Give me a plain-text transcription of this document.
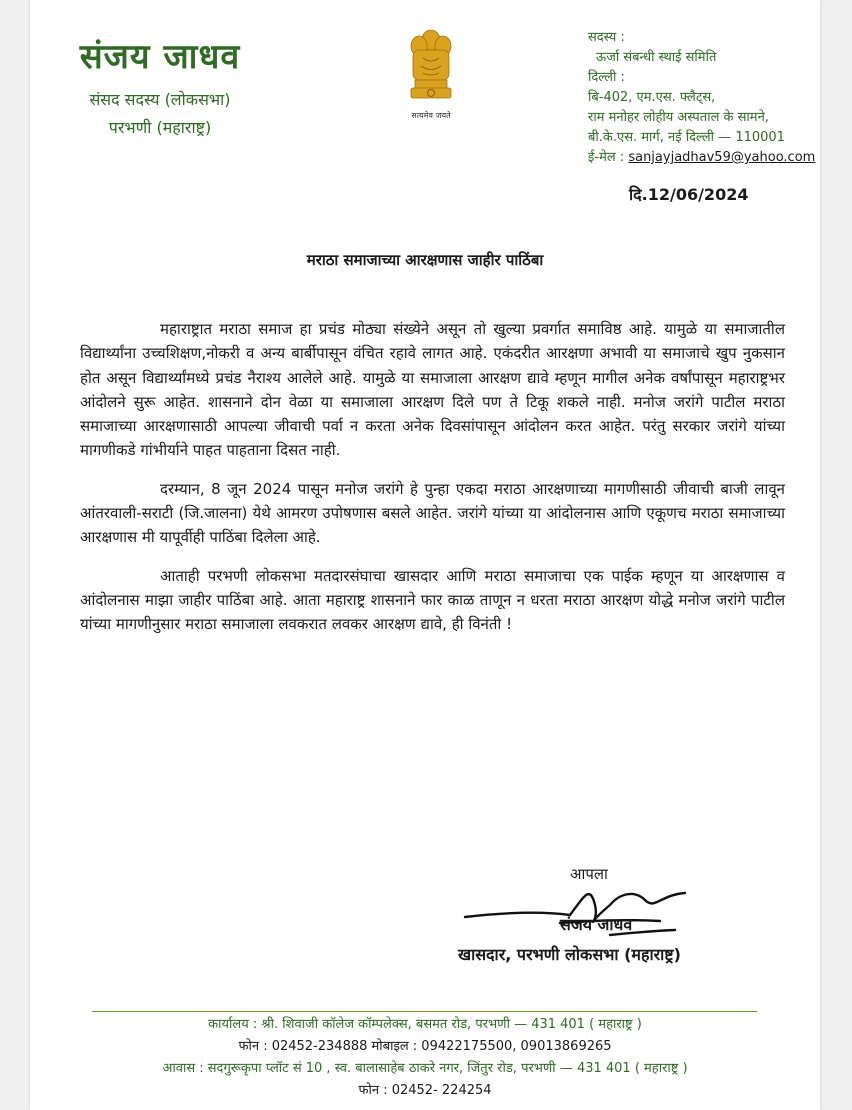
संजय जाधव
संसद सदस्य (लोकसभा)
परभणी (महाराष्ट्र)
सत्यमेव जयते
सदस्य :
ऊर्जा संबन्धी स्थाई समिति
दिल्ली :
बि-402, एम.एस. फ्लैट्स,
राम मनोहर लोहीय अस्पताल के सामने,
बी.के.एस. मार्ग, नई दिल्ली — 110001
ई-मेल : sanjayjadhav59@yahoo.com
दि.12/06/2024
मराठा समाजाच्या आरक्षणास जाहीर पाठिंबा

महाराष्ट्रात मराठा समाज हा प्रचंड मोठ्या संख्येने असून तो खुल्या प्रवर्गात समाविष्ठ आहे. यामुळे या समाजातील विद्यार्थ्यांना उच्चशिक्षण,नोकरी व अन्य बार्बीपासून वंचित रहावे लागत आहे. एकंदरीत आरक्षणा अभावी या समाजाचे खुप नुकसान होत असून विद्यार्थ्यांमध्ये प्रचंड नैराश्य आलेले आहे. यामुळे या समाजाला आरक्षण द्यावे म्हणून मागील अनेक वर्षांपासून महाराष्ट्रभर आंदोलने सुरू आहेत. शासनाने दोन वेळा या समाजाला आरक्षण दिले पण ते टिकू शकले नाही. मनोज जरांगे पाटील मराठा समाजाच्या आरक्षणासाठी आपल्या जीवाची पर्वा न करता अनेक दिवसांपासून आंदोलन करत आहेत. परंतु सरकार जरांगे यांच्या मागणीकडे गांभीर्याने पाहत पाहताना दिसत नाही.

दरम्यान, 8 जून 2024 पासून मनोज जरांगे हे पुन्हा एकदा मराठा आरक्षणाच्या मागणीसाठी जीवाची बाजी लावून आंतरवाली-सराटी (जि.जालना) येथे आमरण उपोषणास बसले आहेत. जरांगे यांच्या या आंदोलनास आणि एकूणच मराठा समाजाच्या आरक्षणास मी यापूर्वीही पाठिंबा दिलेला आहे.

आताही परभणी लोकसभा मतदारसंघाचा खासदार आणि मराठा समाजाचा एक पाईक म्हणून या आरक्षणास व आंदोलनास माझा जाहीर पाठिंबा आहे. आता महाराष्ट्र शासनाने फार काळ ताणून न धरता मराठा आरक्षण योद्धे मनोज जरांगे पाटील यांच्या मागणीनुसार मराठा समाजाला लवकरात लवकर आरक्षण द्यावे, ही विनंती !

आपला
संजय जाधव
खासदार, परभणी लोकसभा (महाराष्ट्र)
कार्यालय : श्री. शिवाजी कॉलेज कॉम्पलेक्स, बसमत रोड, परभणी — 431 401 ( महाराष्ट्र )
फोन : 02452-234888 मोबाइल : 09422175500, 09013869265
आवास : सदगुरूकृपा प्लॉट सं 10 , स्व. बालासाहेब ठाकरे नगर, जिंतुर रोड, परभणी — 431 401 ( महाराष्ट्र )
फोन : 02452- 224254
